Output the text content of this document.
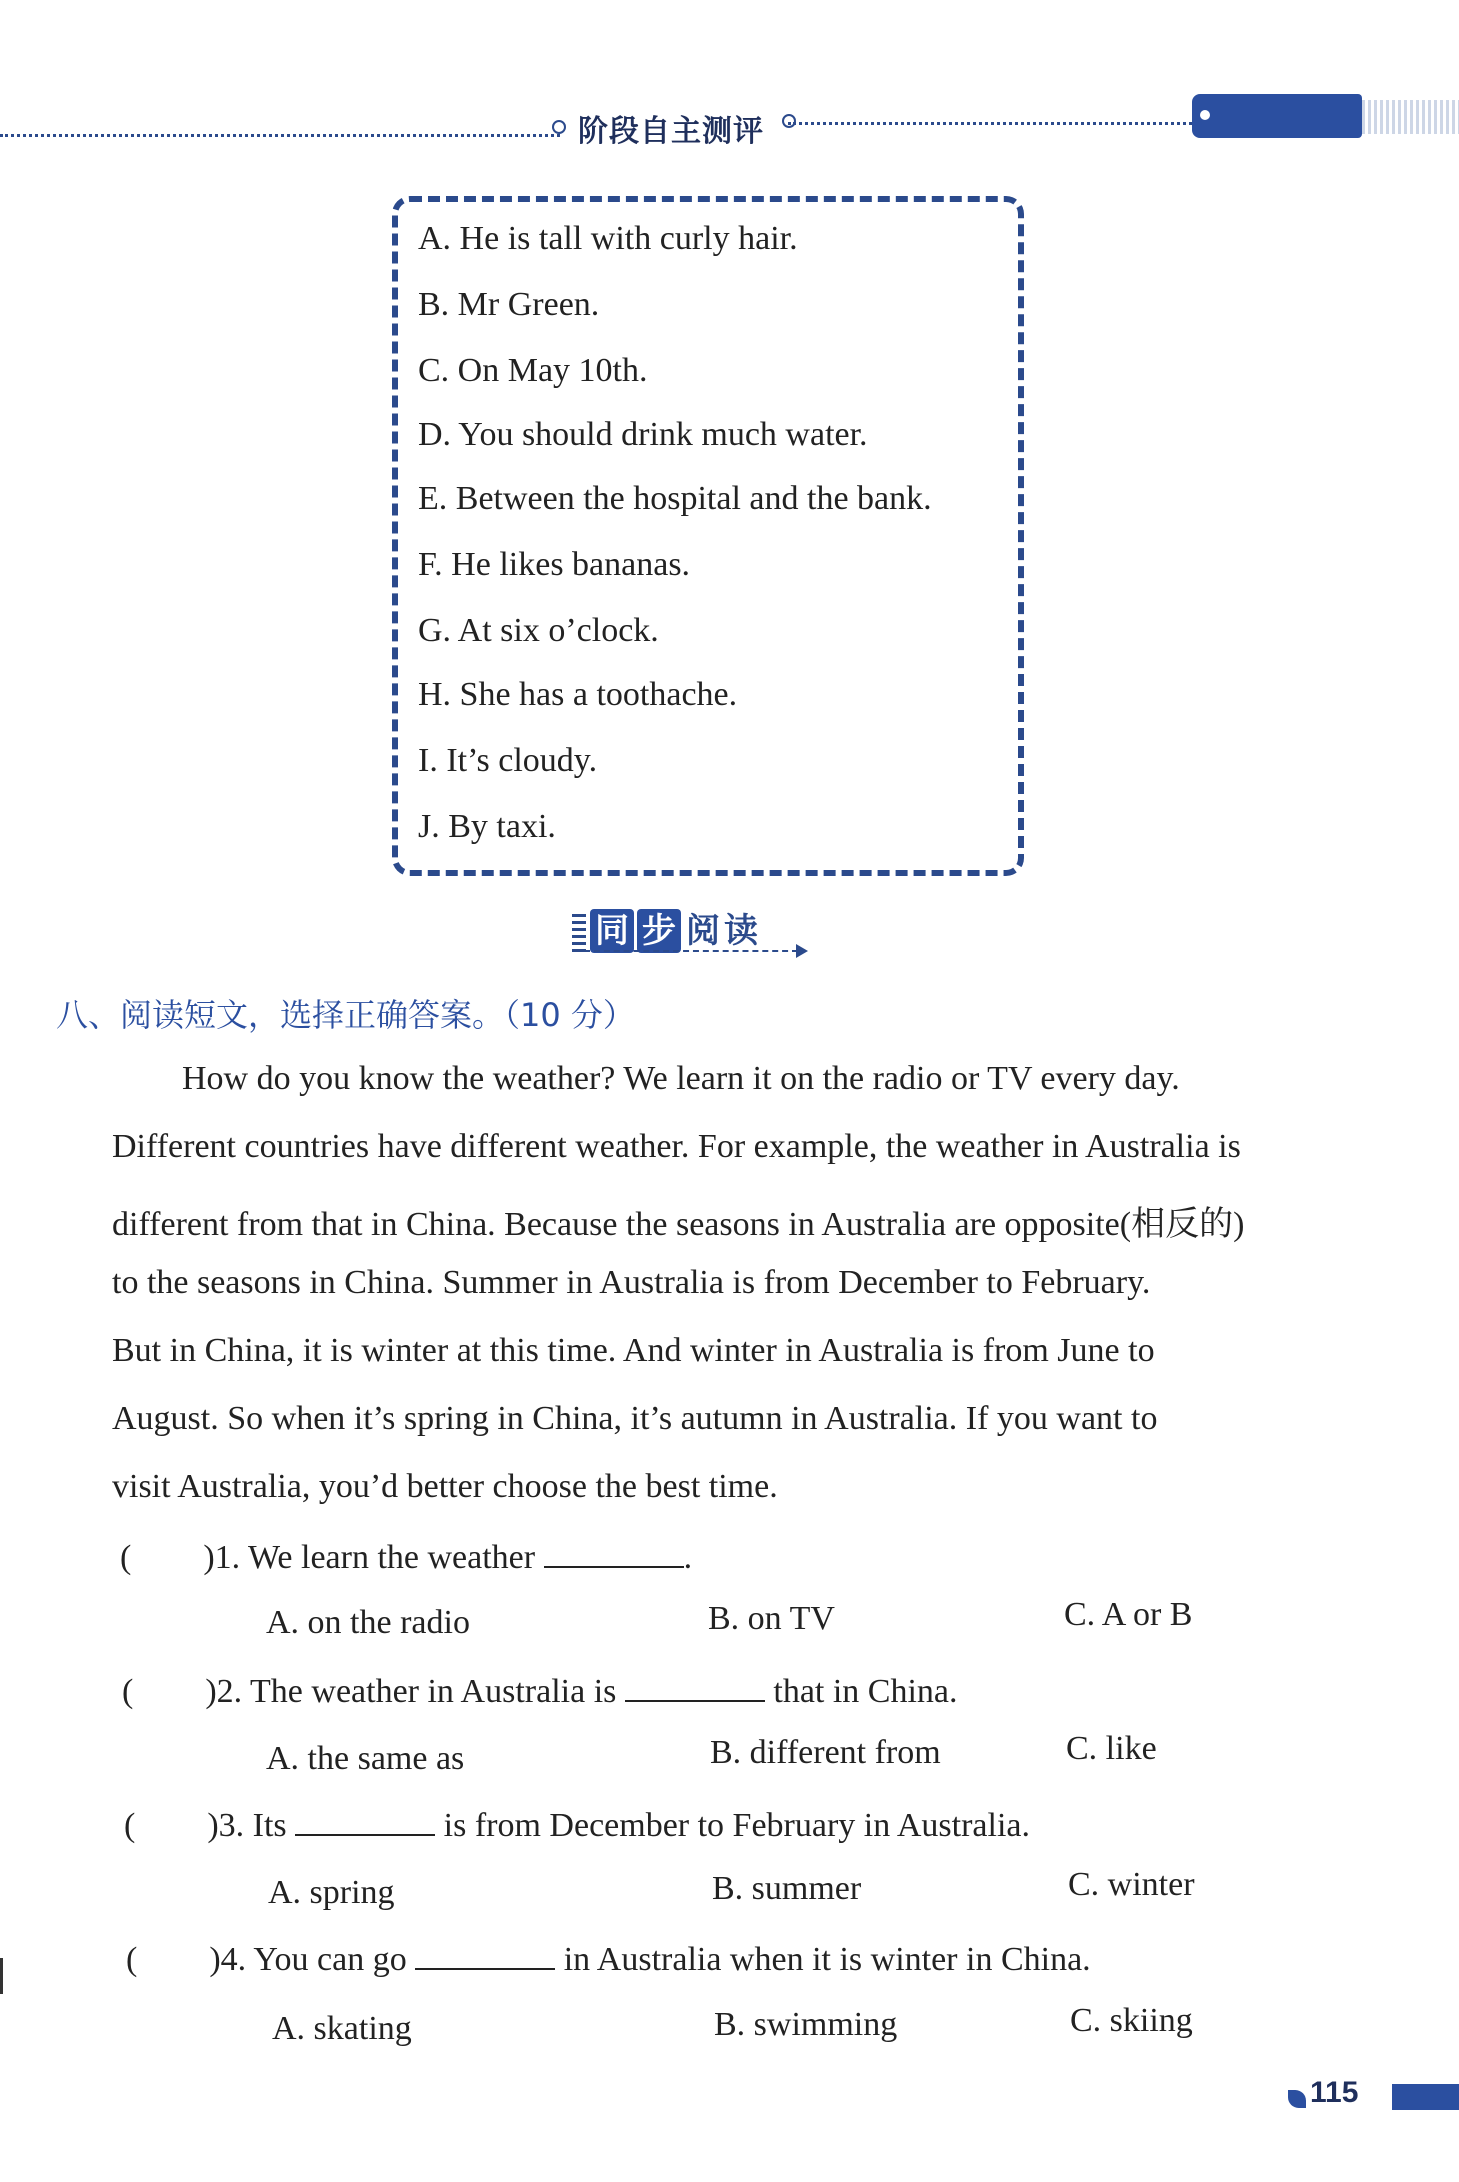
阶段自主测评
A. He is tall with curly hair.
B. Mr Green.
C. On May 10th.
D. You should drink much water.
E. Between the hospital and the bank.
F. He likes bananas.
G. At six o’clock.
H. She has a toothache.
I. It’s cloudy.
J. By taxi.
同 步 阅 读
八、阅读短文，选择正确答案。（10 分）
How do you know the weather? We learn it on the radio or TV every day.
Different countries have different weather. For example, the weather in Australia is
different from that in China. Because the seasons in Australia are opposite(相反的)
to the seasons in China. Summer in Australia is from December to February.
But in China, it is winter at this time. And winter in Australia is from June to
August. So when it’s spring in China, it’s autumn in Australia. If you want to
visit Australia, you’d better choose the best time.
( )1. We learn the weather	.
A. on the radio	B. on TV	C. A or B
( )2. The weather in Australia is	that in China.
A. the same as	B. different from	C. like
( )3. Its	is from December to February in Australia.
A. spring	B. summer	C. winter
( )4. You can go	in Australia when it is winter in China.
A. skating	B. swimming	C. skiing
115
